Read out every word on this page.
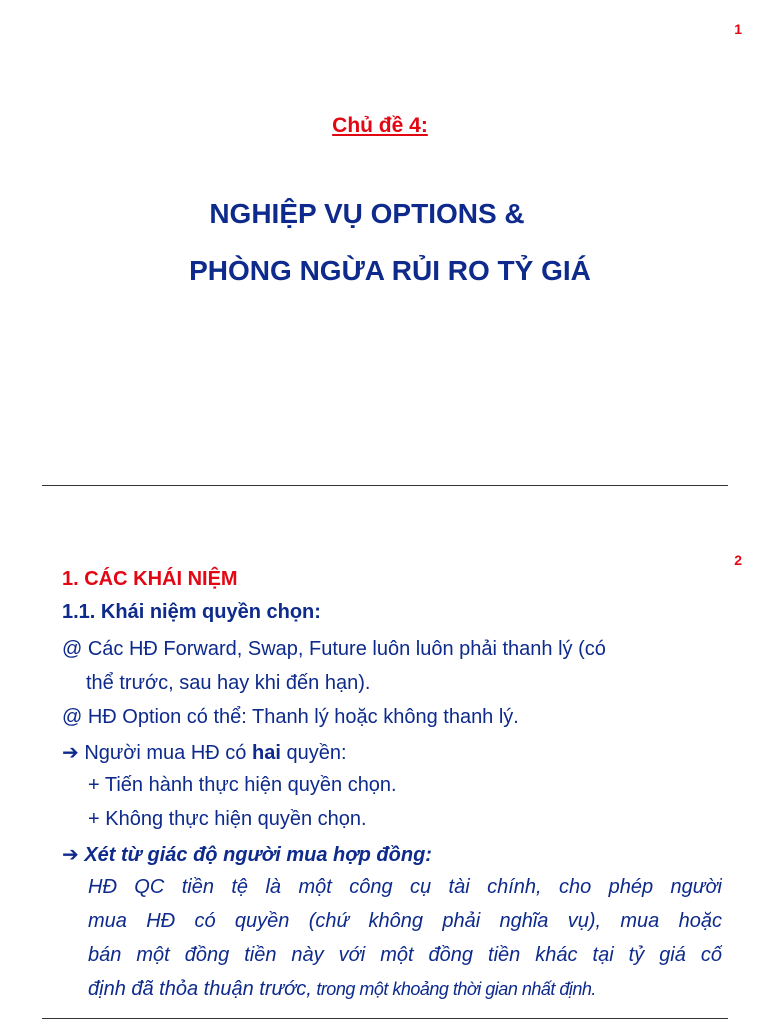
1
Chủ đề 4:
NGHIỆP VỤ OPTIONS &
PHÒNG NGỪA RỦI RO TỶ GIÁ
2
1. CÁC KHÁI NIỆM
1.1. Khái niệm quyền chọn:
@ Các HĐ Forward, Swap, Future luôn luôn phải thanh lý (có
thể trước, sau hay khi đến hạn).
@ HĐ Option có thể: Thanh lý hoặc không thanh lý.
➔ Người mua HĐ có hai quyền:
+ Tiến hành thực hiện quyền chọn.
+ Không thực hiện quyền chọn.
➔ Xét từ giác độ người mua hợp đồng:
HĐ QC tiền tệ là một công cụ tài chính, cho phép người
mua HĐ có quyền (chứ không phải nghĩa vụ), mua hoặc
bán một đồng tiền này với một đồng tiền khác tại tỷ giá cố
định đã thỏa thuận trước, trong một khoảng thời gian nhất định.
